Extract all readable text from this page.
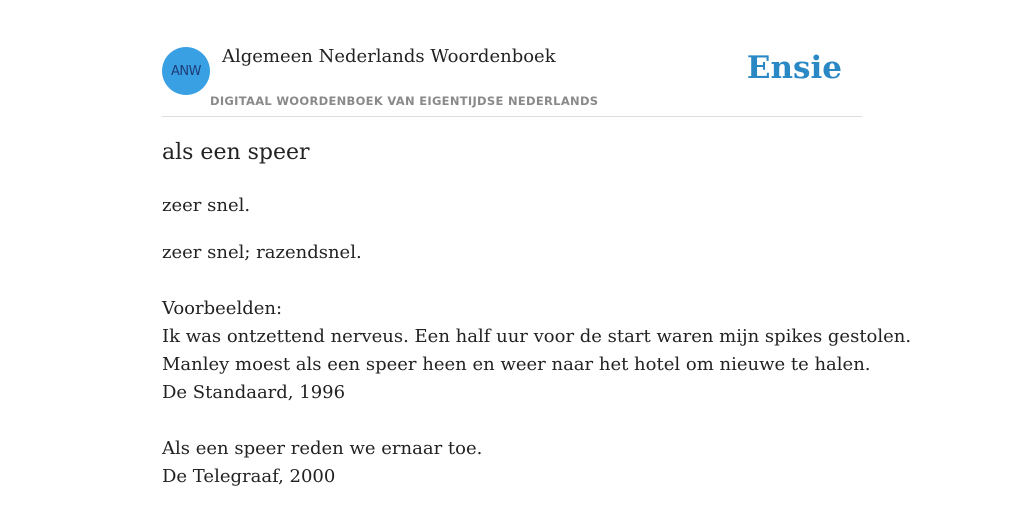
ANW
Algemeen Nederlands Woordenboek
DIGITAAL WOORDENBOEK VAN EIGENTIJDSE NEDERLANDS
Ensie
als een speer
zeer snel.
zeer snel; razendsnel.
Voorbeelden:
Ik was ontzettend nerveus. Een half uur voor de start waren mijn spikes gestolen.
Manley moest als een speer heen en weer naar het hotel om nieuwe te halen.
De Standaard, 1996
Als een speer reden we ernaar toe.
De Telegraaf, 2000
